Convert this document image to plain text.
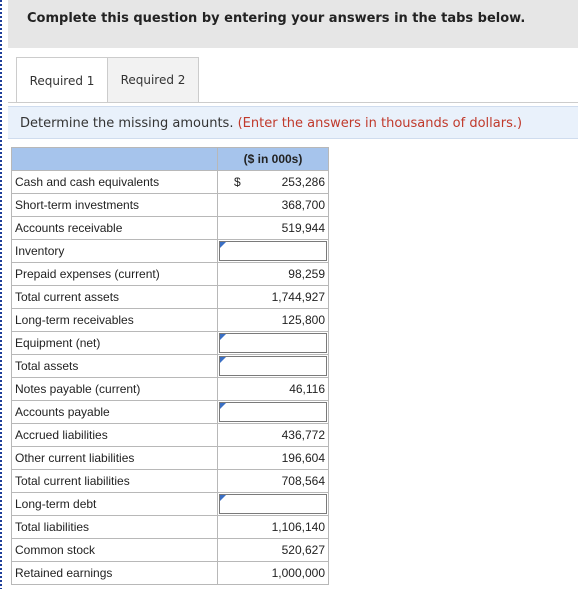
Complete this question by entering your answers in the tabs below.
Required 1	Required 2
Determine the missing amounts. (Enter the answers in thousands of dollars.)
	($ in 000s)
Cash and cash equivalents	$ 253,286

Short-term investments	368,700

Accounts receivable	519,944

Inventory	

Prepaid expenses (current)	98,259

Total current assets	1,744,927

Long-term receivables	125,800

Equipment (net)	

Total assets	

Notes payable (current)	46,116

Accounts payable	

Accrued liabilities	436,772

Other current liabilities	196,604

Total current liabilities	708,564

Long-term debt	

Total liabilities	1,106,140

Common stock	520,627

Retained earnings	1,000,000
